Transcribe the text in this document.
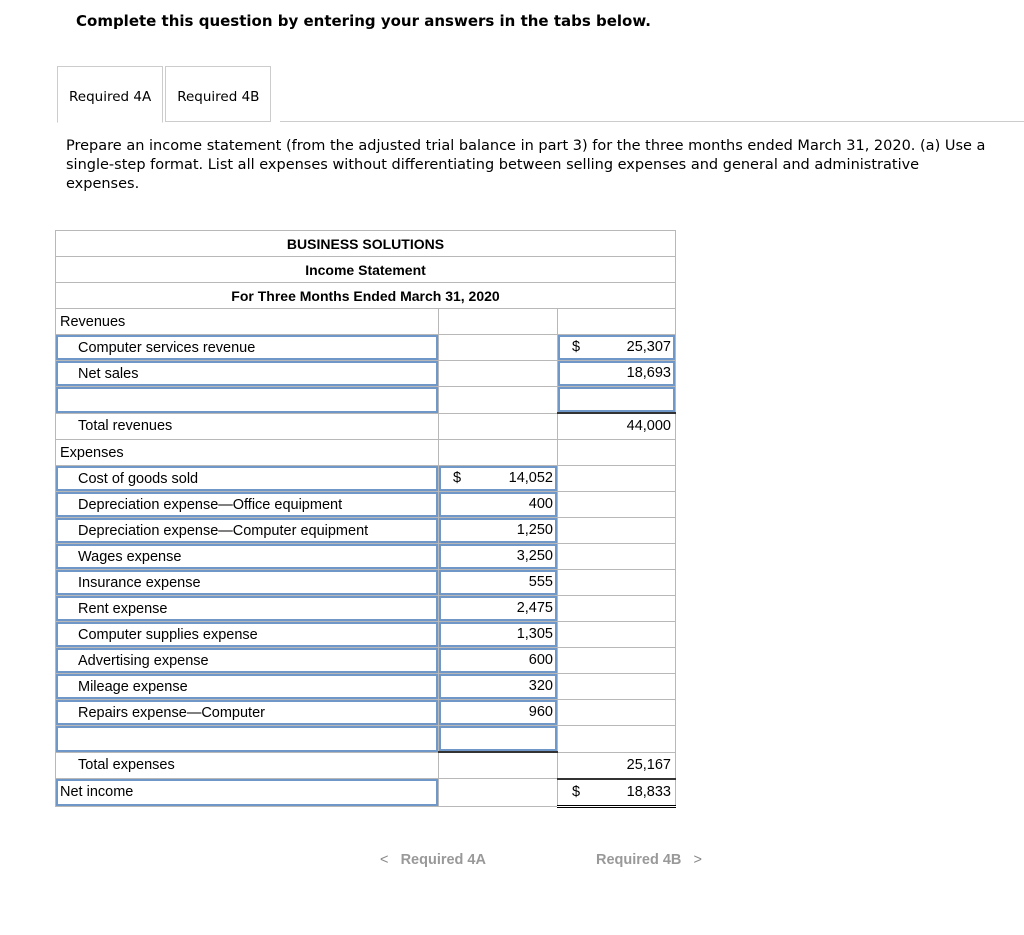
Complete this question by entering your answers in the tabs below.
Required 4A	Required 4B
Prepare an income statement (from the adjusted trial balance in part 3) for the three months ended March 31, 2020. (a) Use a single-step format. List all expenses without differentiating between selling expenses and general and administrative expenses.
BUSINESS SOLUTIONS		
Income Statement		
For Three Months Ended March 31, 2020		
Revenues	

Computer services revenue		$ 25,307

Net sales		18,693

Total revenues		44,000

Expenses	

Cost of goods sold	$ 14,052	

Depreciation expense—Office equipment	400	

Depreciation expense—Computer equipment	1,250	

Wages expense	3,250	

Insurance expense	555	

Rent expense	2,475	

Computer supplies expense	1,305	

Advertising expense	600	

Mileage expense	320	

Repairs expense—Computer	960	

Total expenses		25,167

Net income		$ 18,833
< Required 4A	Required 4B >
